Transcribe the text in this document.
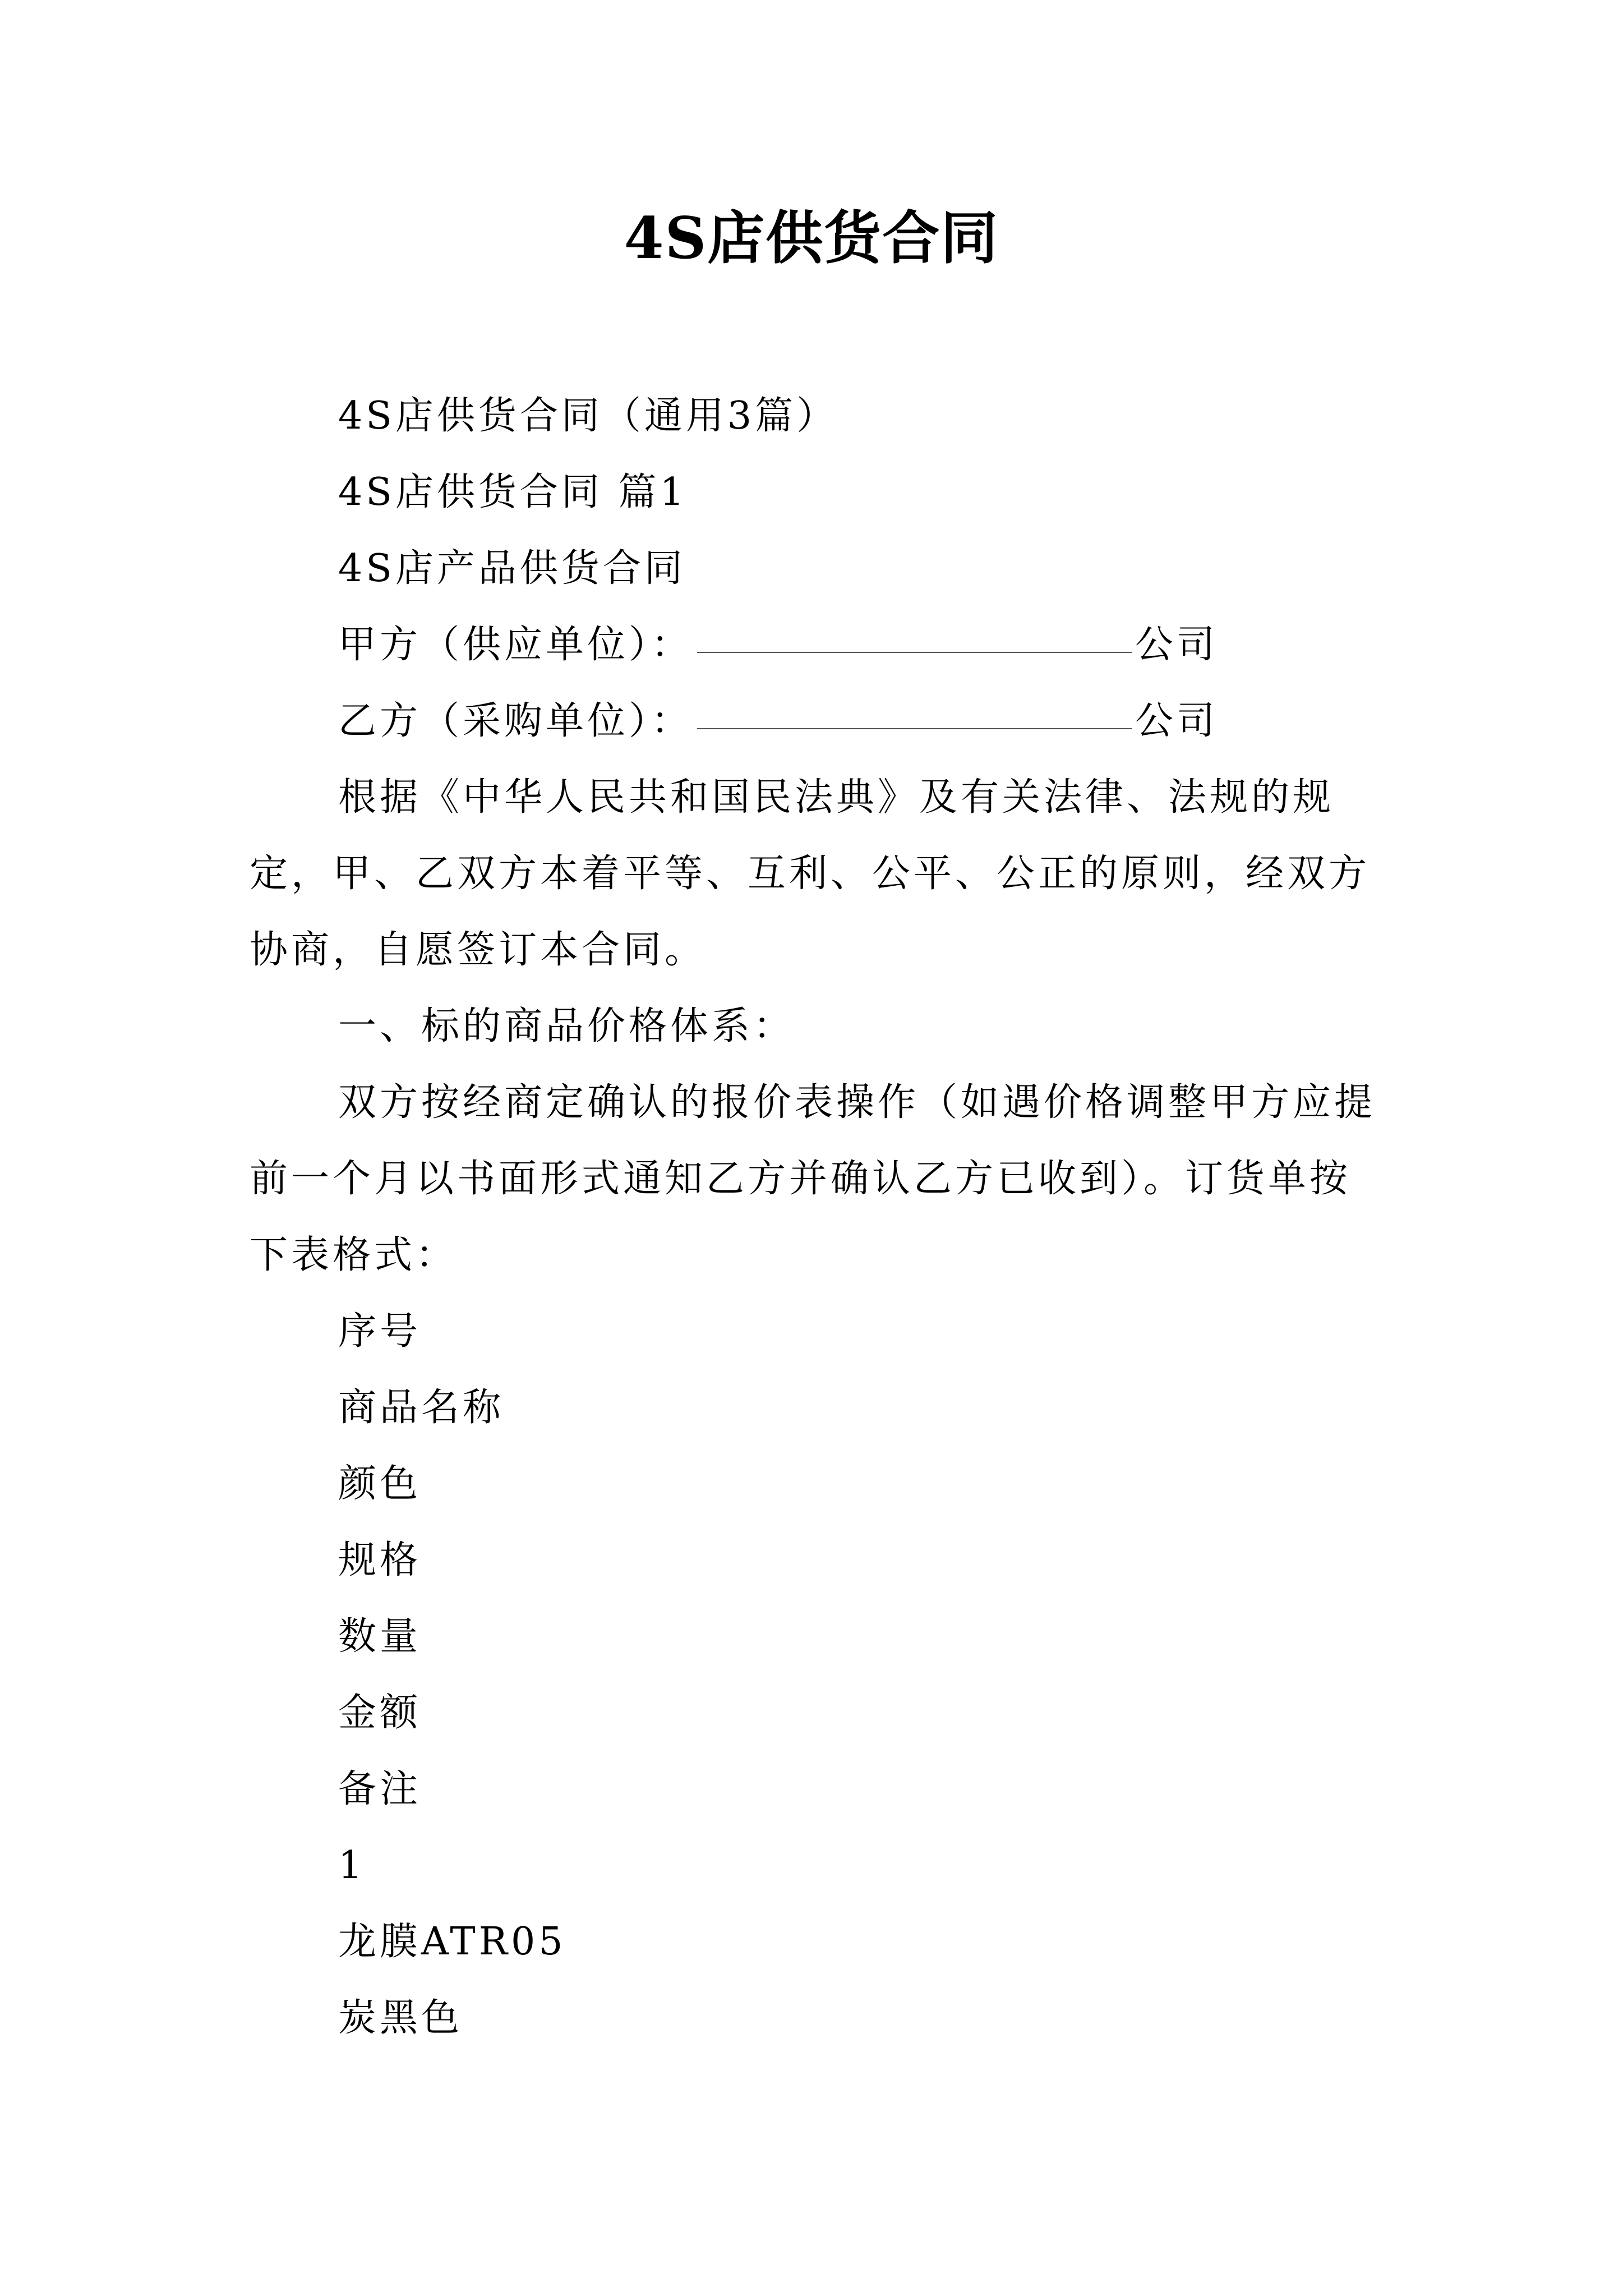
4S店供货合同

4S店供货合同（通用3篇）

4S店供货合同 篇1

4S店产品供货合同

甲方（供应单位）：	公司
乙方（采购单位）：	公司

根据《中华人民共和国民法典》及有关法律、法规的规定，甲、乙双方本着平等、互利、公平、公正的原则，经双方协商，自愿签订本合同。

一、标的商品价格体系：

双方按经商定确认的报价表操作（如遇价格调整甲方应提前一个月以书面形式通知乙方并确认乙方已收到）。订货单按下表格式：

序号

商品名称

颜色

规格

数量

金额

备注

1

龙膜ATR05

炭黑色
